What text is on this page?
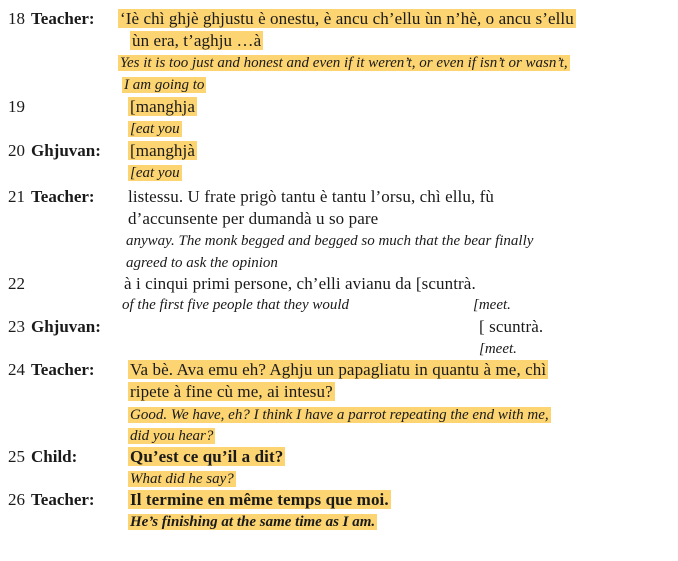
18 Teacher: ‘Iè chì ghjè ghjustu è onestu, è ancu ch’ellu ùn n’hè, o ancu s’ellu
ùn era, t’aghju …à
Yes it is too just and honest and even if it weren’t, or even if isn’t or wasn’t,
I am going to
19	[manghja
[eat you
20 Ghjuvan: [manghjà
[eat you
21 Teacher: listessu. U frate prigò tantu è tantu l’orsu, chì ellu, fù
d’accunsente per dumandà u so pare
anyway. The monk begged and begged so much that the bear finally
agreed to ask the opinion
22	à i cinqui primi persone, ch’elli avianu da [scuntrà.
of the first five people that they would	[meet.
23 Ghjuvan:	[ scuntrà.
[meet.
24 Teacher: Va bè. Ava emu eh? Aghju un papagliatu in quantu à me, chì
ripete à fine cù me, ai intesu?
Good. We have, eh? I think I have a parrot repeating the end with me,
did you hear?
25 Child:	Qu’est ce qu’il a dit?
What did he say?
26 Teacher: Il termine en même temps que moi.
He’s finishing at the same time as I am.
